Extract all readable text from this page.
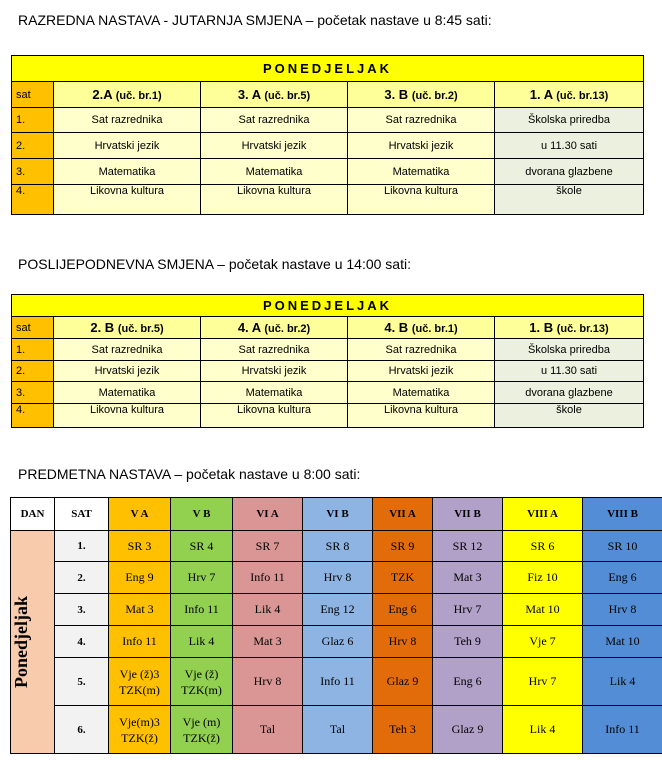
RAZREDNA NASTAVA - JUTARNJA SMJENA – početak nastave u 8:45 sati:
PONEDJELJAK				
sat	2.A (uč. br.1)	3. A (uč. br.5)	3. B (uč. br.2)	1. A (uč. br.13)
1.	Sat razrednika	Sat razrednika	Sat razrednika	Školska priredba
2.	Hrvatski jezik	Hrvatski jezik	Hrvatski jezik	u 11.30 sati
3.	Matematika	Matematika	Matematika	dvorana glazbene
4.	Likovna kultura	Likovna kultura	Likovna kultura	škole
POSLIJEPODNEVNA SMJENA – početak nastave u 14:00 sati:
PONEDJELJAK				
sat	2. B (uč. br.5)	4. A (uč. br.2)	4. B (uč. br.1)	1. B (uč. br.13)
1.	Sat razrednika	Sat razrednika	Sat razrednika	Školska priredba
2.	Hrvatski jezik	Hrvatski jezik	Hrvatski jezik	u 11.30 sati
3.	Matematika	Matematika	Matematika	dvorana glazbene
4.	Likovna kultura	Likovna kultura	Likovna kultura	škole
PREDMETNA NASTAVA – početak nastave u 8:00 sati:
DAN	SAT	V A	V B	VI A	VI B	VII A	VII B	VIII A	VIII B

Ponedjeljak	1.	SR 3	SR 4	SR 7	SR 8	SR 9	SR 12	SR 6	SR 10
	2.	Eng 9	Hrv 7	Info 11	Hrv 8	TZK	Mat 3	Fiz 10	Eng 6
	3.	Mat 3	Info 11	Lik 4	Eng 12	Eng 6	Hrv 7	Mat 10	Hrv 8
	4.	Info 11	Lik 4	Mat 3	Glaz 6	Hrv 8	Teh 9	Vje 7	Mat 10
	5.	Vje (ž)3
TZK(m)	Vje (ž)
TZK(m)	Hrv 8	Info 11	Glaz 9	Eng 6	Hrv 7	Lik 4
	6.	Vje(m)3
TZK(ž)	Vje (m)
TZK(ž)	Tal	Tal	Teh 3	Glaz 9	Lik 4	Info 11
